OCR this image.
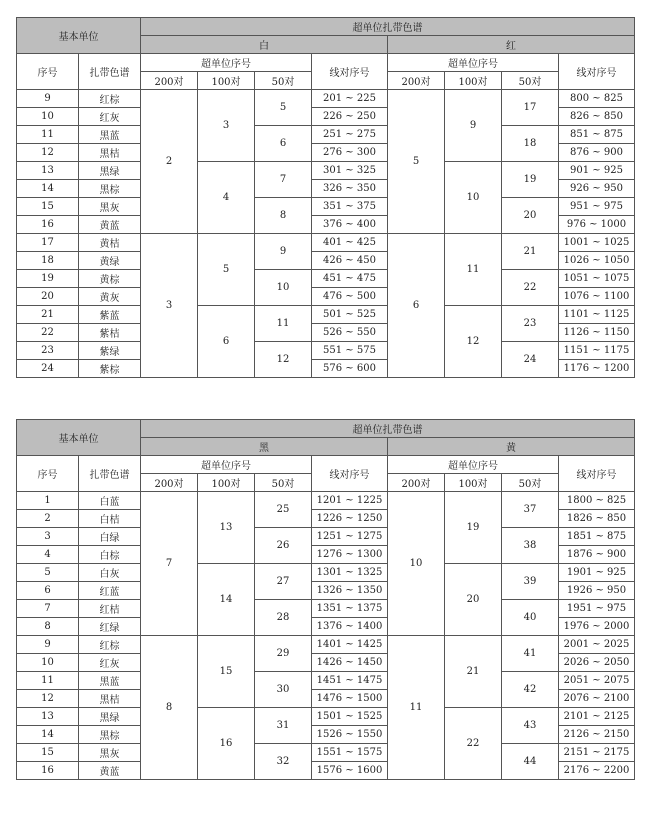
基本单位		超单位扎带色谱							
		白				红			
序号	扎带色谱	超单位序号			线对序号	超单位序号			线对序号
		200对	100对	50对		200对	100对	50对	
9	红棕	2	3	5	201 ~ 225	5	9	17	800 ~ 825
10	红灰				226 ~ 250				826 ~ 850
11	黑蓝			6	251 ~ 275			18	851 ~ 875
12	黑桔				276 ~ 300				876 ~ 900
13	黑绿		4	7	301 ~ 325		10	19	901 ~ 925
14	黑棕				326 ~ 350				926 ~ 950
15	黑灰			8	351 ~ 375			20	951 ~ 975
16	黄蓝				376 ~ 400				976 ~ 1000
17	黄桔	3	5	9	401 ~ 425	6	11	21	1001 ~ 1025
18	黄绿				426 ~ 450				1026 ~ 1050
19	黄棕			10	451 ~ 475			22	1051 ~ 1075
20	黄灰				476 ~ 500				1076 ~ 1100
21	紫蓝		6	11	501 ~ 525		12	23	1101 ~ 1125
22	紫桔				526 ~ 550				1126 ~ 1150
23	紫绿			12	551 ~ 575			24	1151 ~ 1175
24	紫棕				576 ~ 600				1176 ~ 1200
基本单位		超单位扎带色谱							
		黑				黄			
序号	扎带色谱	超单位序号			线对序号	超单位序号			线对序号
		200对	100对	50对		200对	100对	50对	
1	白蓝	7	13	25	1201 ~ 1225	10	19	37	1800 ~ 825
2	白桔				1226 ~ 1250				1826 ~ 850
3	白绿			26	1251 ~ 1275			38	1851 ~ 875
4	白棕				1276 ~ 1300				1876 ~ 900
5	白灰		14	27	1301 ~ 1325		20	39	1901 ~ 925
6	红蓝				1326 ~ 1350				1926 ~ 950
7	红桔			28	1351 ~ 1375			40	1951 ~ 975
8	红绿				1376 ~ 1400				1976 ~ 2000
9	红棕	8	15	29	1401 ~ 1425	11	21	41	2001 ~ 2025
10	红灰				1426 ~ 1450				2026 ~ 2050
11	黑蓝			30	1451 ~ 1475			42	2051 ~ 2075
12	黑桔				1476 ~ 1500				2076 ~ 2100
13	黑绿		16	31	1501 ~ 1525		22	43	2101 ~ 2125
14	黑棕				1526 ~ 1550				2126 ~ 2150
15	黑灰			32	1551 ~ 1575			44	2151 ~ 2175
16	黄蓝				1576 ~ 1600				2176 ~ 2200
